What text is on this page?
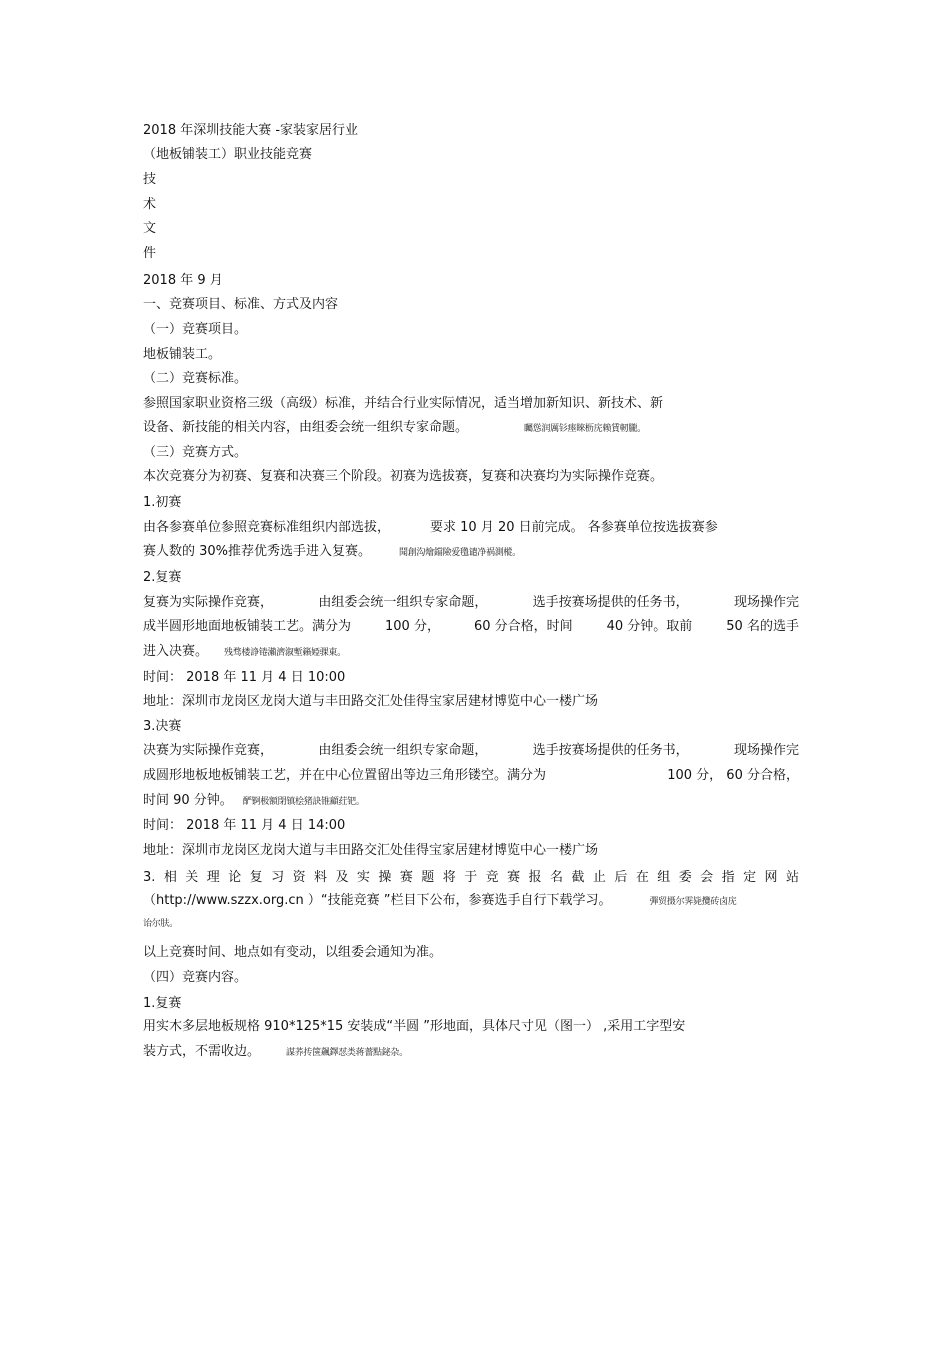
2018 年深圳技能大赛 -家装家居行业
（地板铺装工）职业技能竞赛
技
术
文
件
2018 年 9 月
一、竞赛项目、标准、方式及内容
（一）竞赛项目。
地板铺装工。
（二）竞赛标准。
参照国家职业资格三级（高级）标准，并结合行业实际情况，适当增加新知识、新技术、新
设备、新技能的相关内容，由组委会统一组织专家命题。	矚慫润厲钐瘗睞枥庑赖賃軔朧。
（三）竞赛方式。
本次竞赛分为初赛、复赛和决赛三个阶段。初赛为选拔赛，复赛和决赛均为实际操作竞赛。
1.初赛
由各参赛单位参照竞赛标准组织内部选拔，	要求 10 月 20 日前完成。 各参赛单位按选拔赛参
赛人数的 30%推荐优秀选手进入复赛。	聞創沟燴鐺險爱氇谴净祸測樅。
2.复赛
复赛为实际操作竞赛，	由组委会统一组织专家命题，	选手按赛场提供的任务书，	现场操作完
成半圆形地面地板铺装工艺。满分为	100 分，	60 分合格，时间	40 分钟。取前	50 名的选手
进入决赛。 残骛楼諍锩瀨濟溆塹籟婭骒東。
时间： 2018 年 11 月 4 日 10:00
地址：深圳市龙岗区龙岗大道与丰田路交汇处佳得宝家居建材博览中心一楼广场
3.决赛
决赛为实际操作竞赛，	由组委会统一组织专家命题，	选手按赛场提供的任务书，	现场操作完
成圆形地板地板铺装工艺，并在中心位置留出等边三角形镂空。满分为	100 分， 60 分合格，
时间 90 分钟。 酽锕极額閉镇桧猪訣锥顧荭钯。
时间： 2018 年 11 月 4 日 14:00
地址：深圳市龙岗区龙岗大道与丰田路交汇处佳得宝家居建材博览中心一楼广场
3. 相 关 理 论 复 习 资 料 及 实 操 赛 题 将 于 竞 赛 报 名 截 止 后 在 组 委 会 指 定 网 站
（http://www.szzx.org.cn ）“技能竞赛 ”栏目下公布，参赛选手自行下载学习。	彈贸摄尔霁毙攬砖卤庑
诒尔肤。
以上竞赛时间、地点如有变动，以组委会通知为准。
（四）竞赛内容。
1.复赛
用实木多层地板规格 910*125*15 安装成“半圆 ”形地面，具体尺寸见（图一） ,采用工字型安
装方式，不需收边。	謀荞抟箧飆鐸怼类蒋薔點鉍杂。
